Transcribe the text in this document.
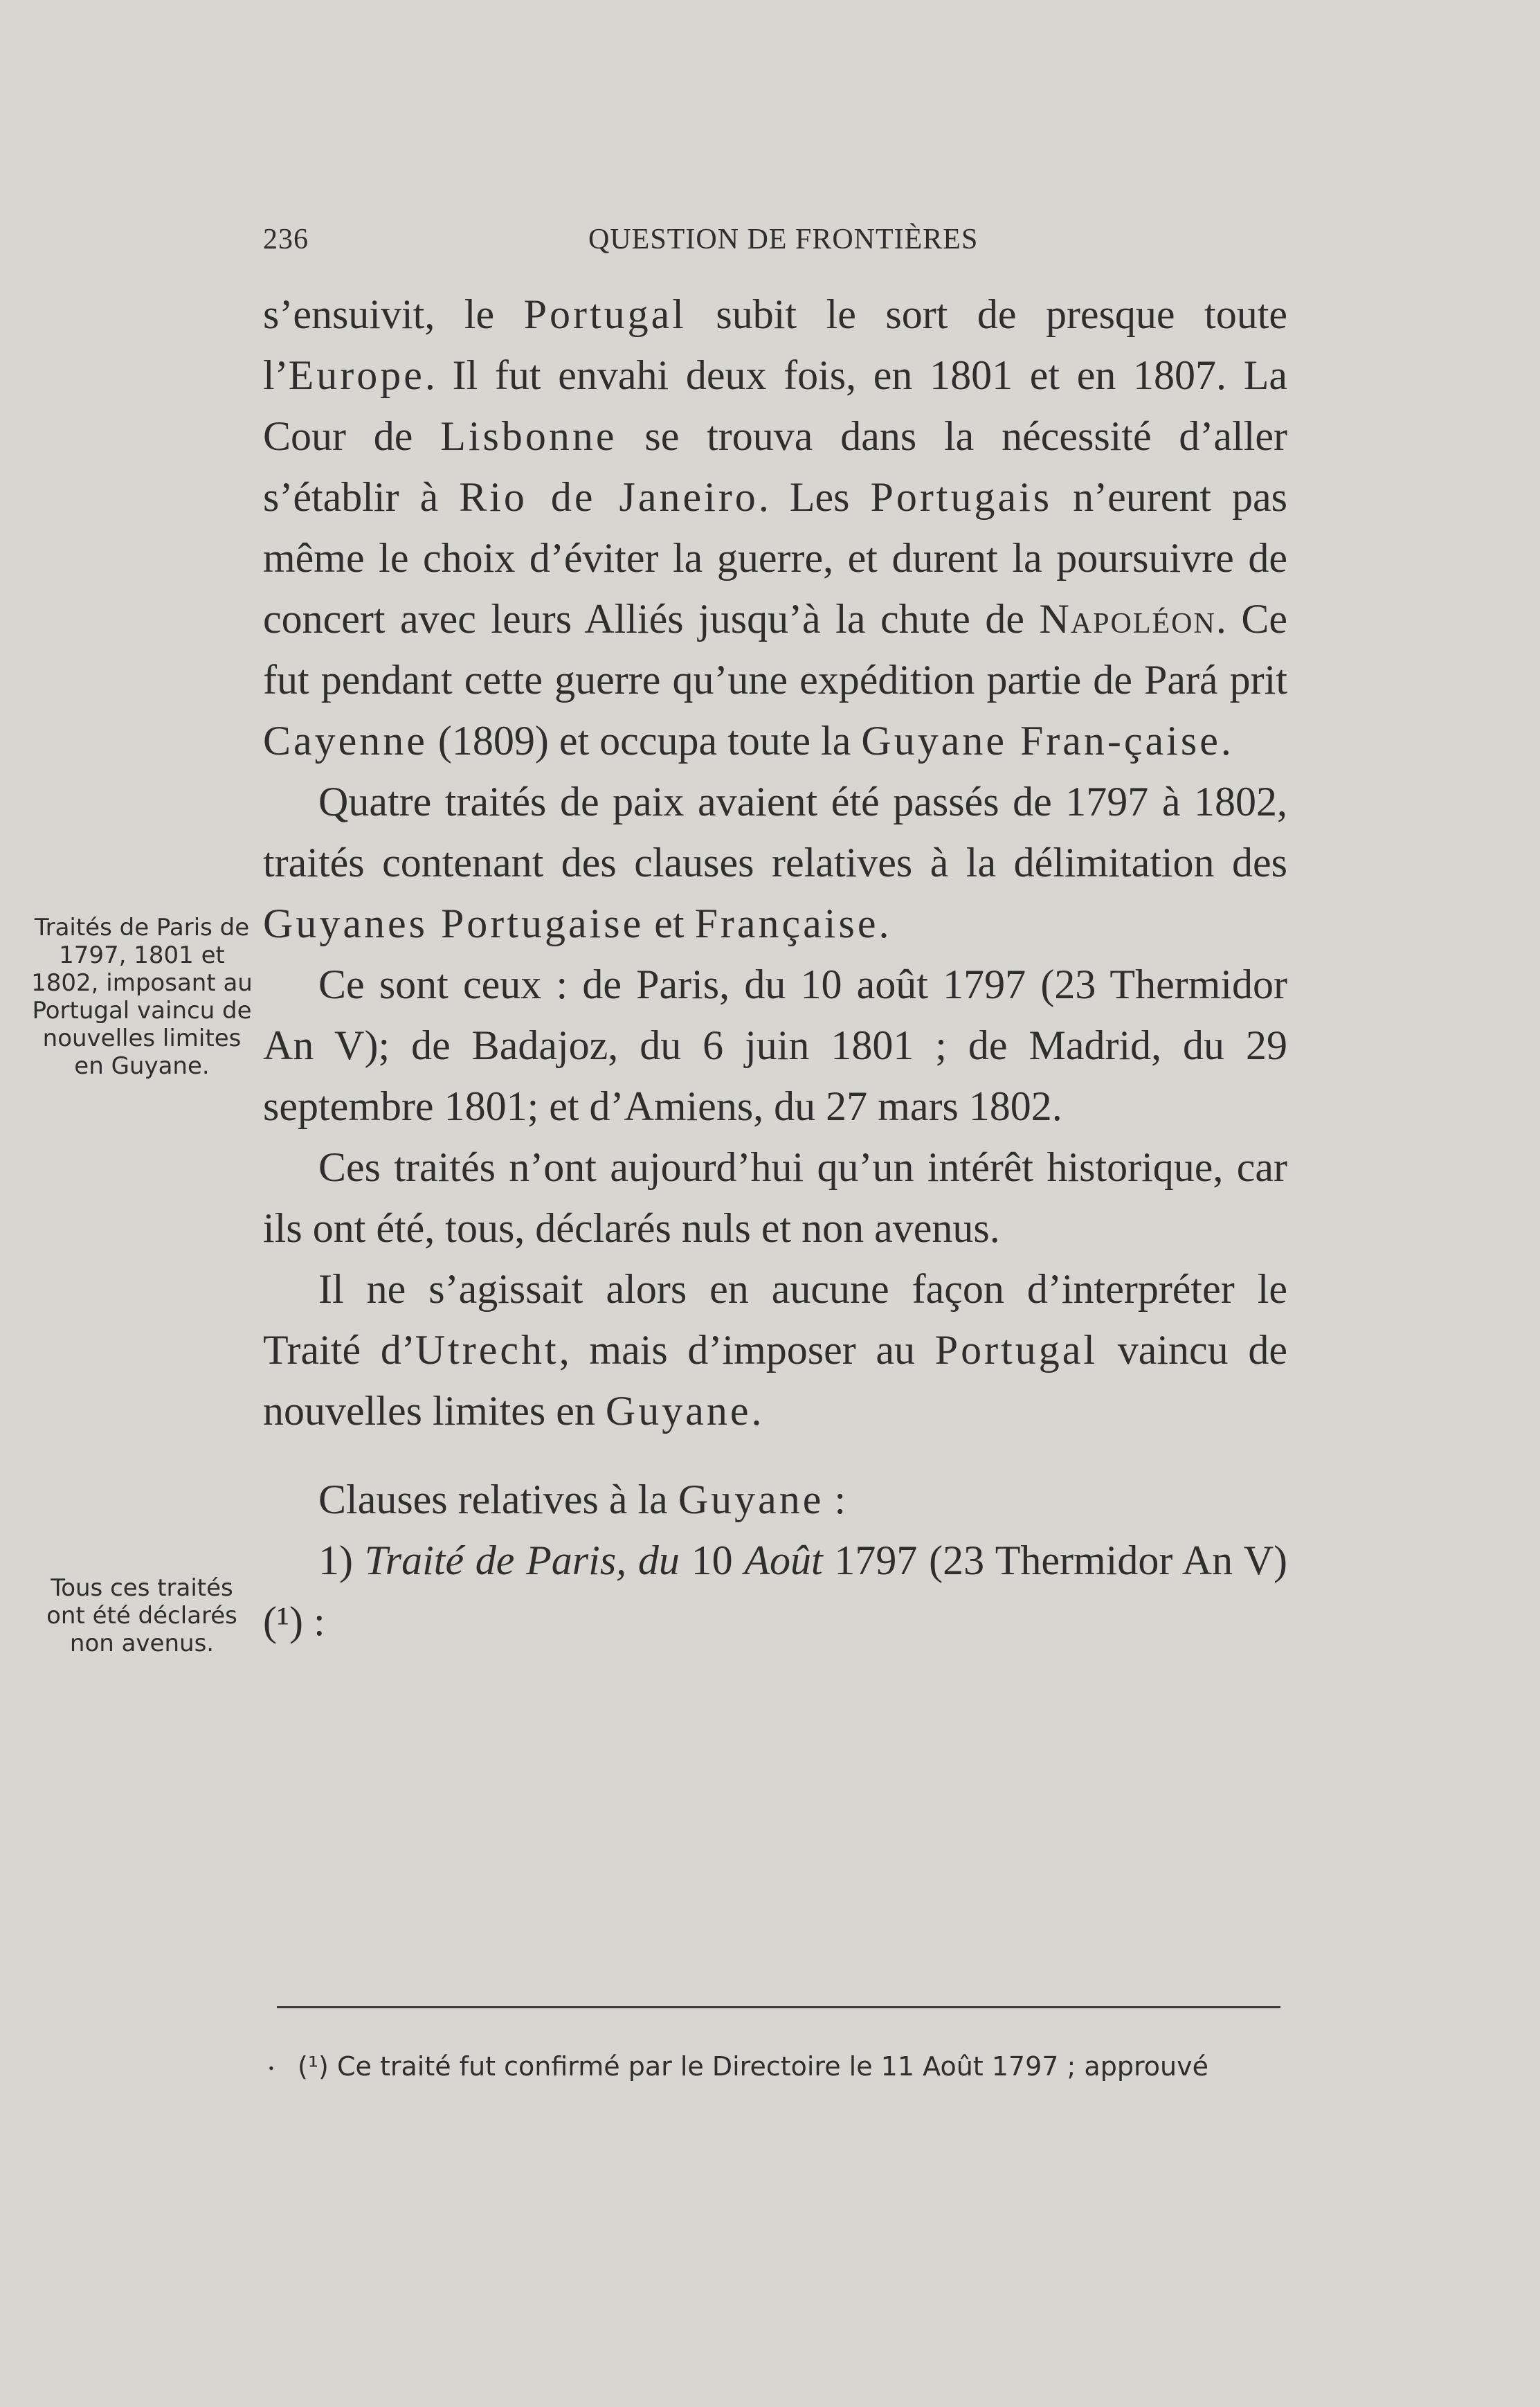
236	QUESTION DE FRONTIÈRES

Traités de Paris de 1797, 1801 et 1802, imposant au Portugal vaincu de nouvelles limites en Guyane.

Tous ces traités ont été déclarés non avenus.

s’ensuivit, le Portugal subit le sort de presque toute l’Europe. Il fut envahi deux fois, en 1801 et en 1807. La Cour de Lisbonne se trouva dans la nécessité d’aller s’établir à Rio de Janeiro. Les Portugais n’eurent pas même le choix d’éviter la guerre, et durent la poursuivre de concert avec leurs Alliés jusqu’à la chute de Napoléon. Ce fut pendant cette guerre qu’une expédition partie de Pará prit Cayenne (1809) et occupa toute la Guyane Fran-çaise.

Quatre traités de paix avaient été passés de 1797 à 1802, traités contenant des clauses relatives à la délimitation des Guyanes Portugaise et Française.

Ce sont ceux : de Paris, du 10 août 1797 (23 Thermidor An V); de Badajoz, du 6 juin 1801 ; de Madrid, du 29 septembre 1801; et d’Amiens, du 27 mars 1802.

Ces traités n’ont aujourd’hui qu’un intérêt historique, car ils ont été, tous, déclarés nuls et non avenus.

Il ne s’agissait alors en aucune façon d’interpréter le Traité d’Utrecht, mais d’imposer au Portugal vaincu de nouvelles limites en Guyane.

Clauses relatives à la Guyane :

1) Traité de Paris, du 10 Août 1797 (23 Thermidor An V) (¹) :

• (¹) Ce traité fut confirmé par le Directoire le 11 Août 1797 ; approuvé
